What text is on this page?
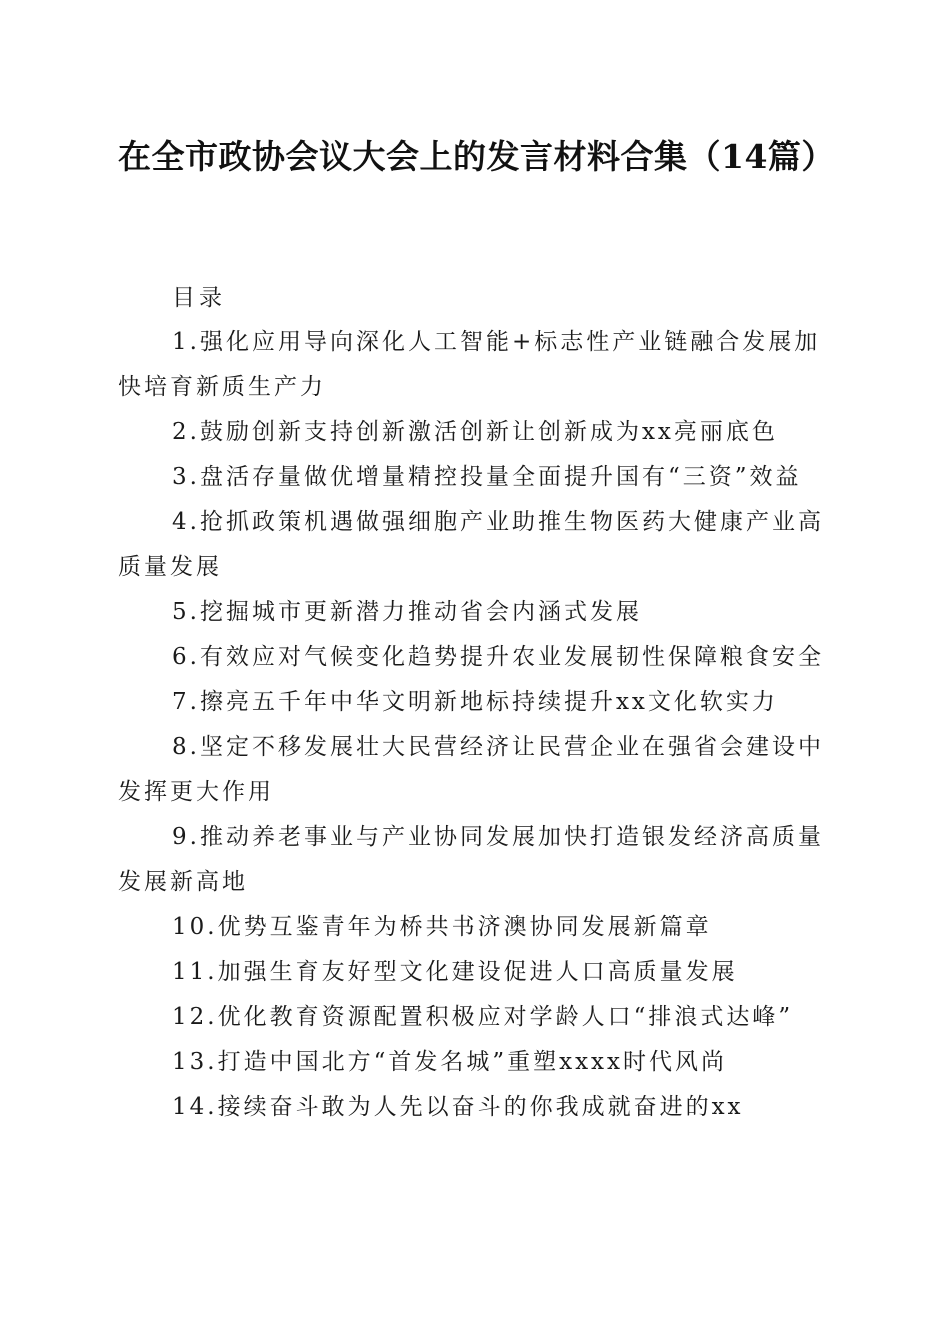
在全市政协会议大会上的发言材料合集（14篇）

目录

1.强化应用导向深化人工智能+标志性产业链融合发展加快培育新质生产力
2.鼓励创新支持创新激活创新让创新成为xx亮丽底色
3.盘活存量做优增量精控投量全面提升国有“三资”效益
4.抢抓政策机遇做强细胞产业助推生物医药大健康产业高质量发展
5.挖掘城市更新潜力推动省会内涵式发展
6.有效应对气候变化趋势提升农业发展韧性保障粮食安全
7.擦亮五千年中华文明新地标持续提升xx文化软实力
8.坚定不移发展壮大民营经济让民营企业在强省会建设中发挥更大作用
9.推动养老事业与产业协同发展加快打造银发经济高质量发展新高地
10.优势互鉴青年为桥共书济澳协同发展新篇章
11.加强生育友好型文化建设促进人口高质量发展
12.优化教育资源配置积极应对学龄人口“排浪式达峰”
13.打造中国北方“首发名城”重塑xxxx时代风尚
14.接续奋斗敢为人先以奋斗的你我成就奋进的xx
